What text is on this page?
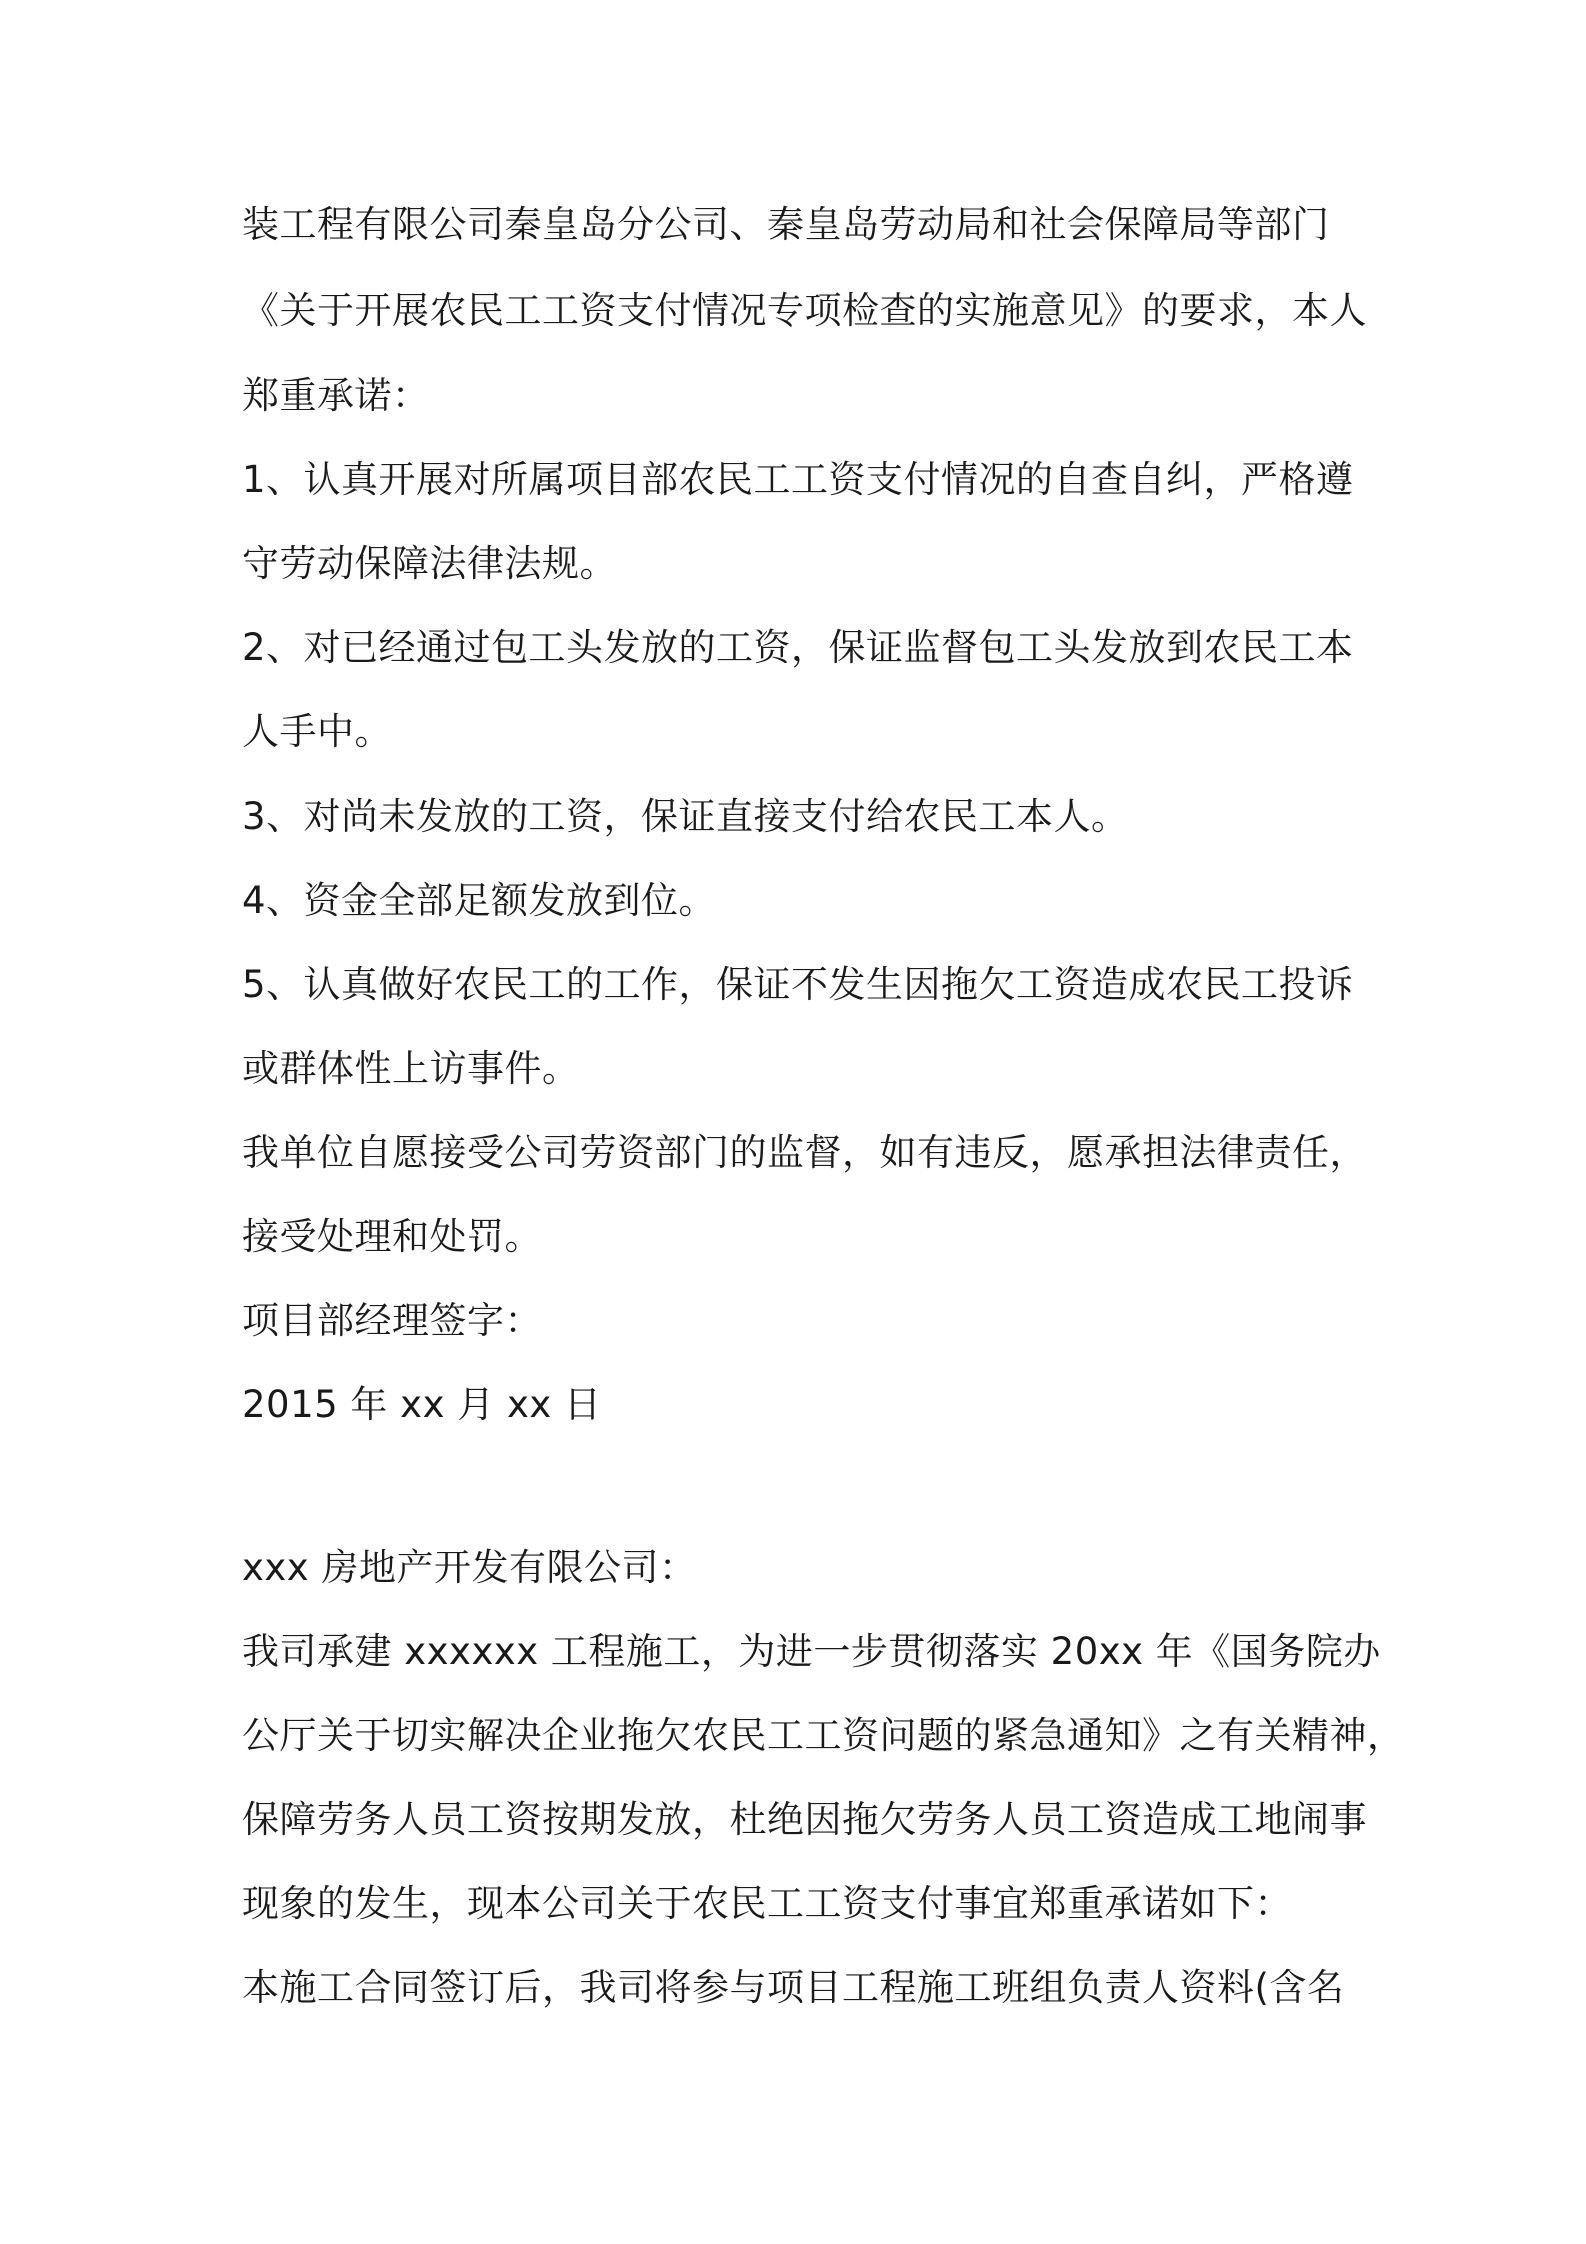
装工程有限公司秦皇岛分公司、秦皇岛劳动局和社会保障局等部门
《关于开展农民工工资支付情况专项检查的实施意见》的要求，本人
郑重承诺：
1、认真开展对所属项目部农民工工资支付情况的自查自纠，严格遵
守劳动保障法律法规。
2、对已经通过包工头发放的工资，保证监督包工头发放到农民工本
人手中。
3、对尚未发放的工资，保证直接支付给农民工本人。
4、资金全部足额发放到位。
5、认真做好农民工的工作，保证不发生因拖欠工资造成农民工投诉
或群体性上访事件。
我单位自愿接受公司劳资部门的监督，如有违反，愿承担法律责任，
接受处理和处罚。
项目部经理签字：
2015 年 xx 月 xx 日
xxx 房地产开发有限公司：
我司承建 xxxxxx 工程施工，为进一步贯彻落实 20xx 年《国务院办
公厅关于切实解决企业拖欠农民工工资问题的紧急通知》之有关精神，
保障劳务人员工资按期发放，杜绝因拖欠劳务人员工资造成工地闹事
现象的发生，现本公司关于农民工工资支付事宜郑重承诺如下：
本施工合同签订后，我司将参与项目工程施工班组负责人资料(含名
